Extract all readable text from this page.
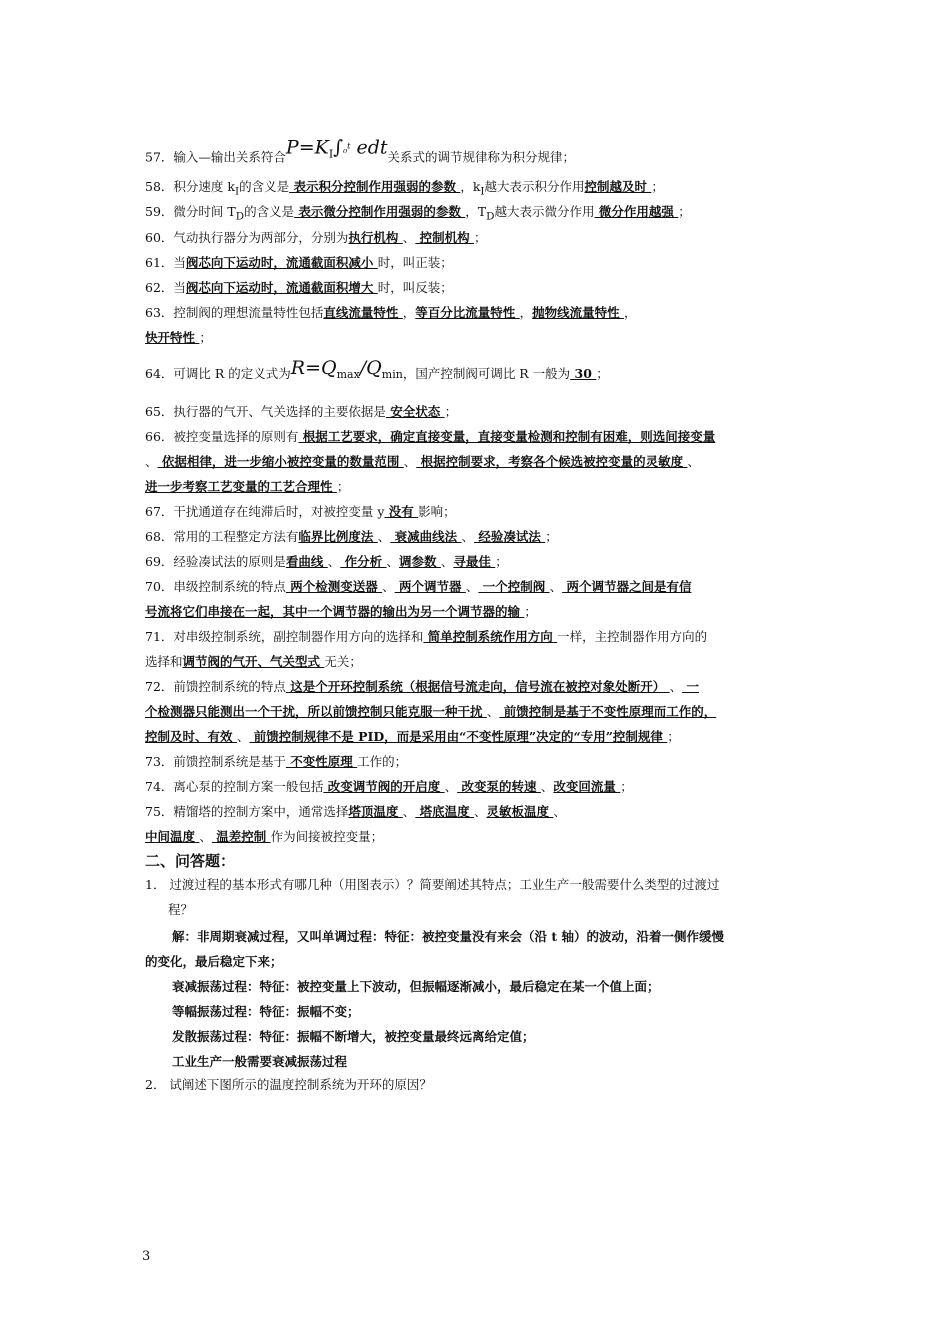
57．输入—输出关系符合$P=K_I\int_0^t$ edt关系式的调节规律称为积分规律；
58．积分速度 $k_I$的含义是 表示积分控制作用强弱的参数 ，$k_I$越大表示积分作用控制越及时 ；
59．微分时间 $T_D$的含义是 表示微分控制作用强弱的参数 ，$T_D$越大表示微分作用 微分作用越强 ；
60．气动执行器分为两部分，分别为执行机构 、 控制机构 ；
61．当阀芯向下运动时，流通截面积减小 时，叫正装；
62．当阀芯向下运动时，流通截面积增大 时，叫反装；
63．控制阀的理想流量特性包括直线流量特性 ，等百分比流量特性 ，抛物线流量特性 ，
快开特性 ；
64．可调比 R 的定义式为$R=Q_{max}/Q_{min}$，国产控制阀可调比 R 一般为 30 ；
65．执行器的气开、气关选择的主要依据是 安全状态 ；
66．被控变量选择的原则有 根据工艺要求，确定直接变量，直接变量检测和控制有困难，则选间接变量
、 依据相律，进一步缩小被控变量的数量范围 、 根据控制要求，考察各个候选被控变量的灵敏度 、
进一步考察工艺变量的工艺合理性 ；
67．干扰通道存在纯滞后时，对被控变量 y 没有 影响；
68．常用的工程整定方法有临界比例度法 、 衰减曲线法 、 经验凑试法 ；
69．经验凑试法的原则是看曲线 、 作分析 、调参数 、寻最佳 ；
70．串级控制系统的特点 两个检测变送器 、 两个调节器 、 一个控制阀 、 两个调节器之间是有信
号流将它们串接在一起，其中一个调节器的输出为另一个调节器的输 ；
71．对串级控制系统，副控制器作用方向的选择和 简单控制系统作用方向 一样，主控制器作用方向的
选择和调节阀的气开、气关型式 无关；
72．前馈控制系统的特点 这是个开环控制系统（根据信号流走向，信号流在被控对象处断开） 、 一
个检测器只能测出一个干扰，所以前馈控制只能克服一种干扰 、 前馈控制是基于不变性原理而工作的，
控制及时、有效 、 前馈控制规律不是 PID，而是采用由“不变性原理”决定的“专用”控制规律 ；
73．前馈控制系统是基于 不变性原理 工作的；
74．离心泵的控制方案一般包括 改变调节阀的开启度 、 改变泵的转速 、改变回流量 ；
75．精馏塔的控制方案中，通常选择塔顶温度 、 塔底温度 、灵敏板温度 、
中间温度 、 温差控制 作为间接被控变量；
二、问答题：
1． 过渡过程的基本形式有哪几种（用图表示）？简要阐述其特点；工业生产一般需要什么类型的过渡过
程？
解：非周期衰减过程，又叫单调过程：特征：被控变量没有来会（沿 t 轴）的波动，沿着一侧作缓慢
的变化，最后稳定下来；
衰减振荡过程：特征：被控变量上下波动，但振幅逐渐减小，最后稳定在某一个值上面；
等幅振荡过程：特征：振幅不变；
发散振荡过程：特征：振幅不断增大，被控变量最终远离给定值；
工业生产一般需要衰减振荡过程
2． 试阐述下图所示的温度控制系统为开环的原因？
3
